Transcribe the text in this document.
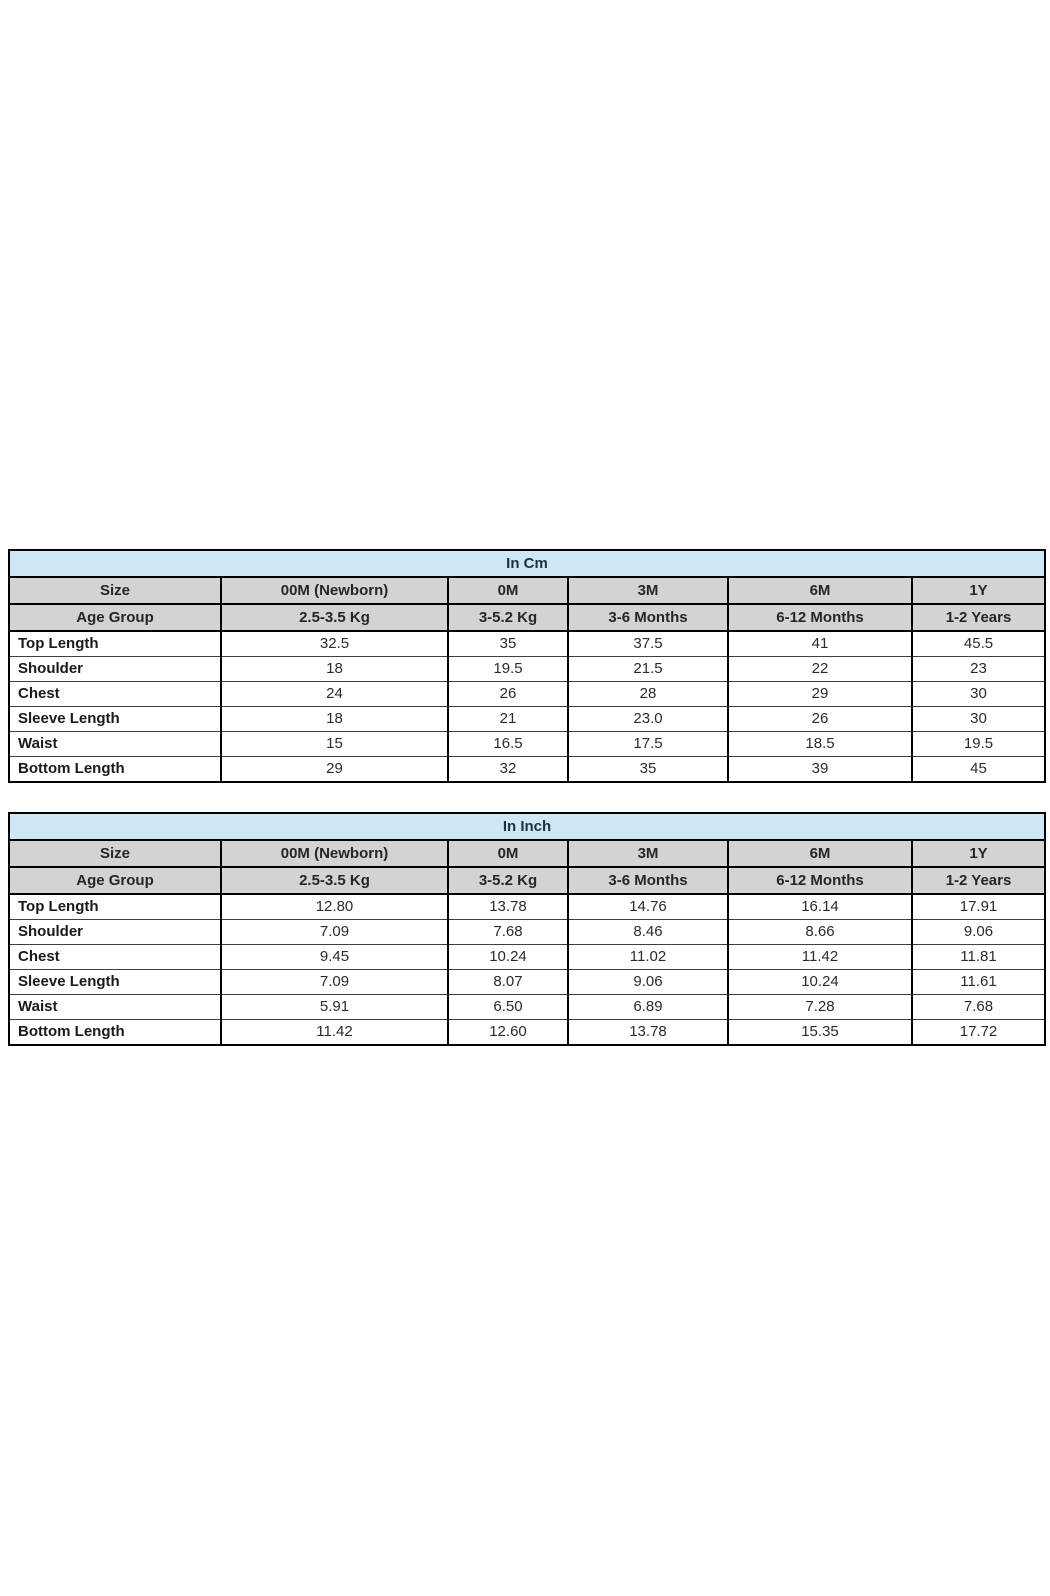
In Cm					
Size	00M (Newborn)	0M	3M	6M	1Y
Age Group	2.5-3.5 Kg	3-5.2 Kg	3-6 Months	6-12 Months	1-2 Years
Top Length	32.5	35	37.5	41	45.5
Shoulder	18	19.5	21.5	22	23
Chest	24	26	28	29	30
Sleeve Length	18	21	23.0	26	30
Waist	15	16.5	17.5	18.5	19.5
Bottom Length	29	32	35	39	45
In Inch					
Size	00M (Newborn)	0M	3M	6M	1Y
Age Group	2.5-3.5 Kg	3-5.2 Kg	3-6 Months	6-12 Months	1-2 Years
Top Length	12.80	13.78	14.76	16.14	17.91
Shoulder	7.09	7.68	8.46	8.66	9.06
Chest	9.45	10.24	11.02	11.42	11.81
Sleeve Length	7.09	8.07	9.06	10.24	11.61
Waist	5.91	6.50	6.89	7.28	7.68
Bottom Length	11.42	12.60	13.78	15.35	17.72
